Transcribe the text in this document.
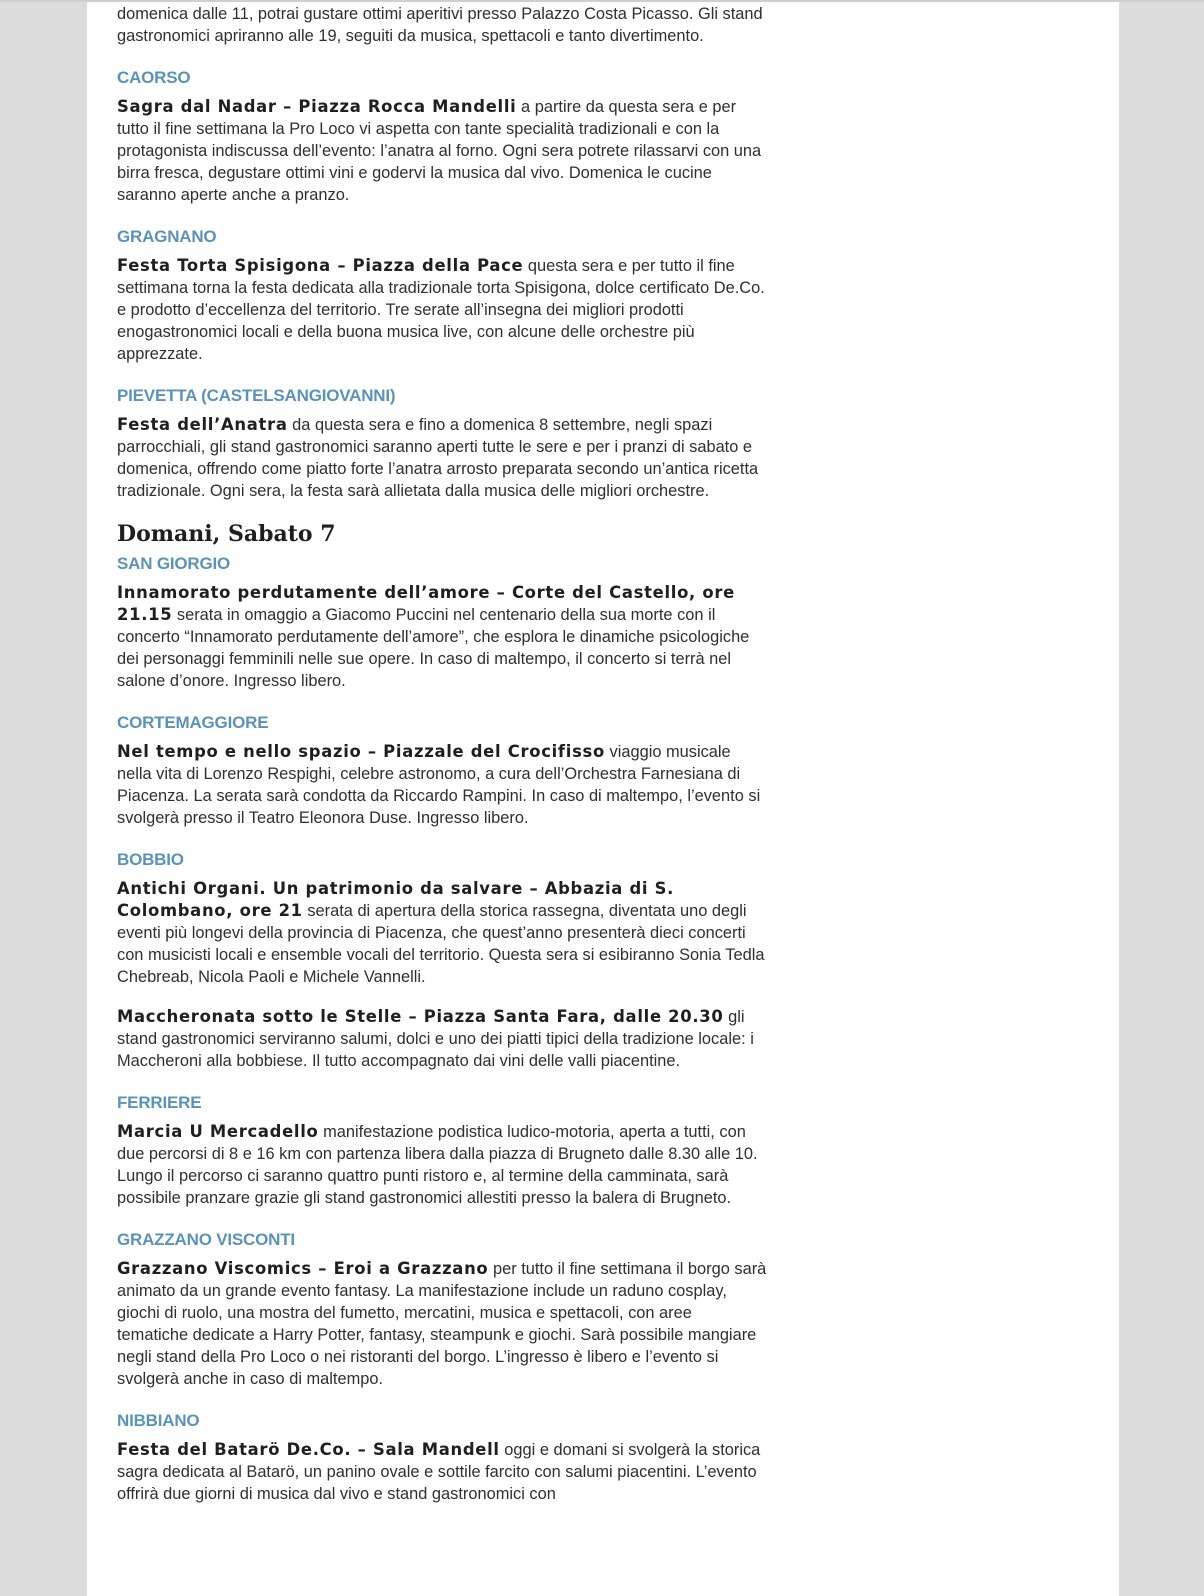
domenica dalle 11, potrai gustare ottimi aperitivi presso Palazzo Costa Picasso. Gli stand gastronomici apriranno alle 19, seguiti da musica, spettacoli e tanto divertimento.

CAORSO

Sagra dal Nadar – Piazza Rocca Mandelli a partire da questa sera e per tutto il fine settimana la Pro Loco vi aspetta con tante specialità tradizionali e con la protagonista indiscussa dell’evento: l’anatra al forno. Ogni sera potrete rilassarvi con una birra fresca, degustare ottimi vini e godervi la musica dal vivo. Domenica le cucine saranno aperte anche a pranzo.

GRAGNANO

Festa Torta Spisigona – Piazza della Pace questa sera e per tutto il fine settimana torna la festa dedicata alla tradizionale torta Spisigona, dolce certificato De.Co. e prodotto d’eccellenza del territorio. Tre serate all’insegna dei migliori prodotti enogastronomici locali e della buona musica live, con alcune delle orchestre più apprezzate.

PIEVETTA (CASTELSANGIOVANNI)

Festa dell’Anatra da questa sera e fino a domenica 8 settembre, negli spazi parrocchiali, gli stand gastronomici saranno aperti tutte le sere e per i pranzi di sabato e domenica, offrendo come piatto forte l’anatra arrosto preparata secondo un’antica ricetta tradizionale. Ogni sera, la festa sarà allietata dalla musica delle migliori orchestre.

Domani, Sabato 7
SAN GIORGIO

Innamorato perdutamente dell’amore – Corte del Castello, ore 21.15 serata in omaggio a Giacomo Puccini nel centenario della sua morte con il concerto “Innamorato perdutamente dell’amore”, che esplora le dinamiche psicologiche dei personaggi femminili nelle sue opere. In caso di maltempo, il concerto si terrà nel salone d’onore. Ingresso libero.

CORTEMAGGIORE

Nel tempo e nello spazio – Piazzale del Crocifisso viaggio musicale nella vita di Lorenzo Respighi, celebre astronomo, a cura dell’Orchestra Farnesiana di Piacenza. La serata sarà condotta da Riccardo Rampini. In caso di maltempo, l’evento si svolgerà presso il Teatro Eleonora Duse. Ingresso libero.

BOBBIO

Antichi Organi. Un patrimonio da salvare – Abbazia di S. Colombano, ore 21 serata di apertura della storica rassegna, diventata uno degli eventi più longevi della provincia di Piacenza, che quest’anno presenterà dieci concerti con musicisti locali e ensemble vocali del territorio. Questa sera si esibiranno Sonia Tedla Chebreab, Nicola Paoli e Michele Vannelli.

Maccheronata sotto le Stelle – Piazza Santa Fara, dalle 20.30 gli stand gastronomici serviranno salumi, dolci e uno dei piatti tipici della tradizione locale: i Maccheroni alla bobbiese. Il tutto accompagnato dai vini delle valli piacentine.

FERRIERE

Marcia U Mercadello manifestazione podistica ludico-motoria, aperta a tutti, con due percorsi di 8 e 16 km con partenza libera dalla piazza di Brugneto dalle 8.30 alle 10. Lungo il percorso ci saranno quattro punti ristoro e, al termine della camminata, sarà possibile pranzare grazie gli stand gastronomici allestiti presso la balera di Brugneto.

GRAZZANO VISCONTI

Grazzano Viscomics – Eroi a Grazzano per tutto il fine settimana il borgo sarà animato da un grande evento fantasy. La manifestazione include un raduno cosplay, giochi di ruolo, una mostra del fumetto, mercatini, musica e spettacoli, con aree tematiche dedicate a Harry Potter, fantasy, steampunk e giochi. Sarà possibile mangiare negli stand della Pro Loco o nei ristoranti del borgo. L’ingresso è libero e l’evento si svolgerà anche in caso di maltempo.

NIBBIANO

Festa del Batarö De.Co. – Sala Mandell oggi e domani si svolgerà la storica sagra dedicata al Batarö, un panino ovale e sottile farcito con salumi piacentini. L’evento offrirà due giorni di musica dal vivo e stand gastronomici con
